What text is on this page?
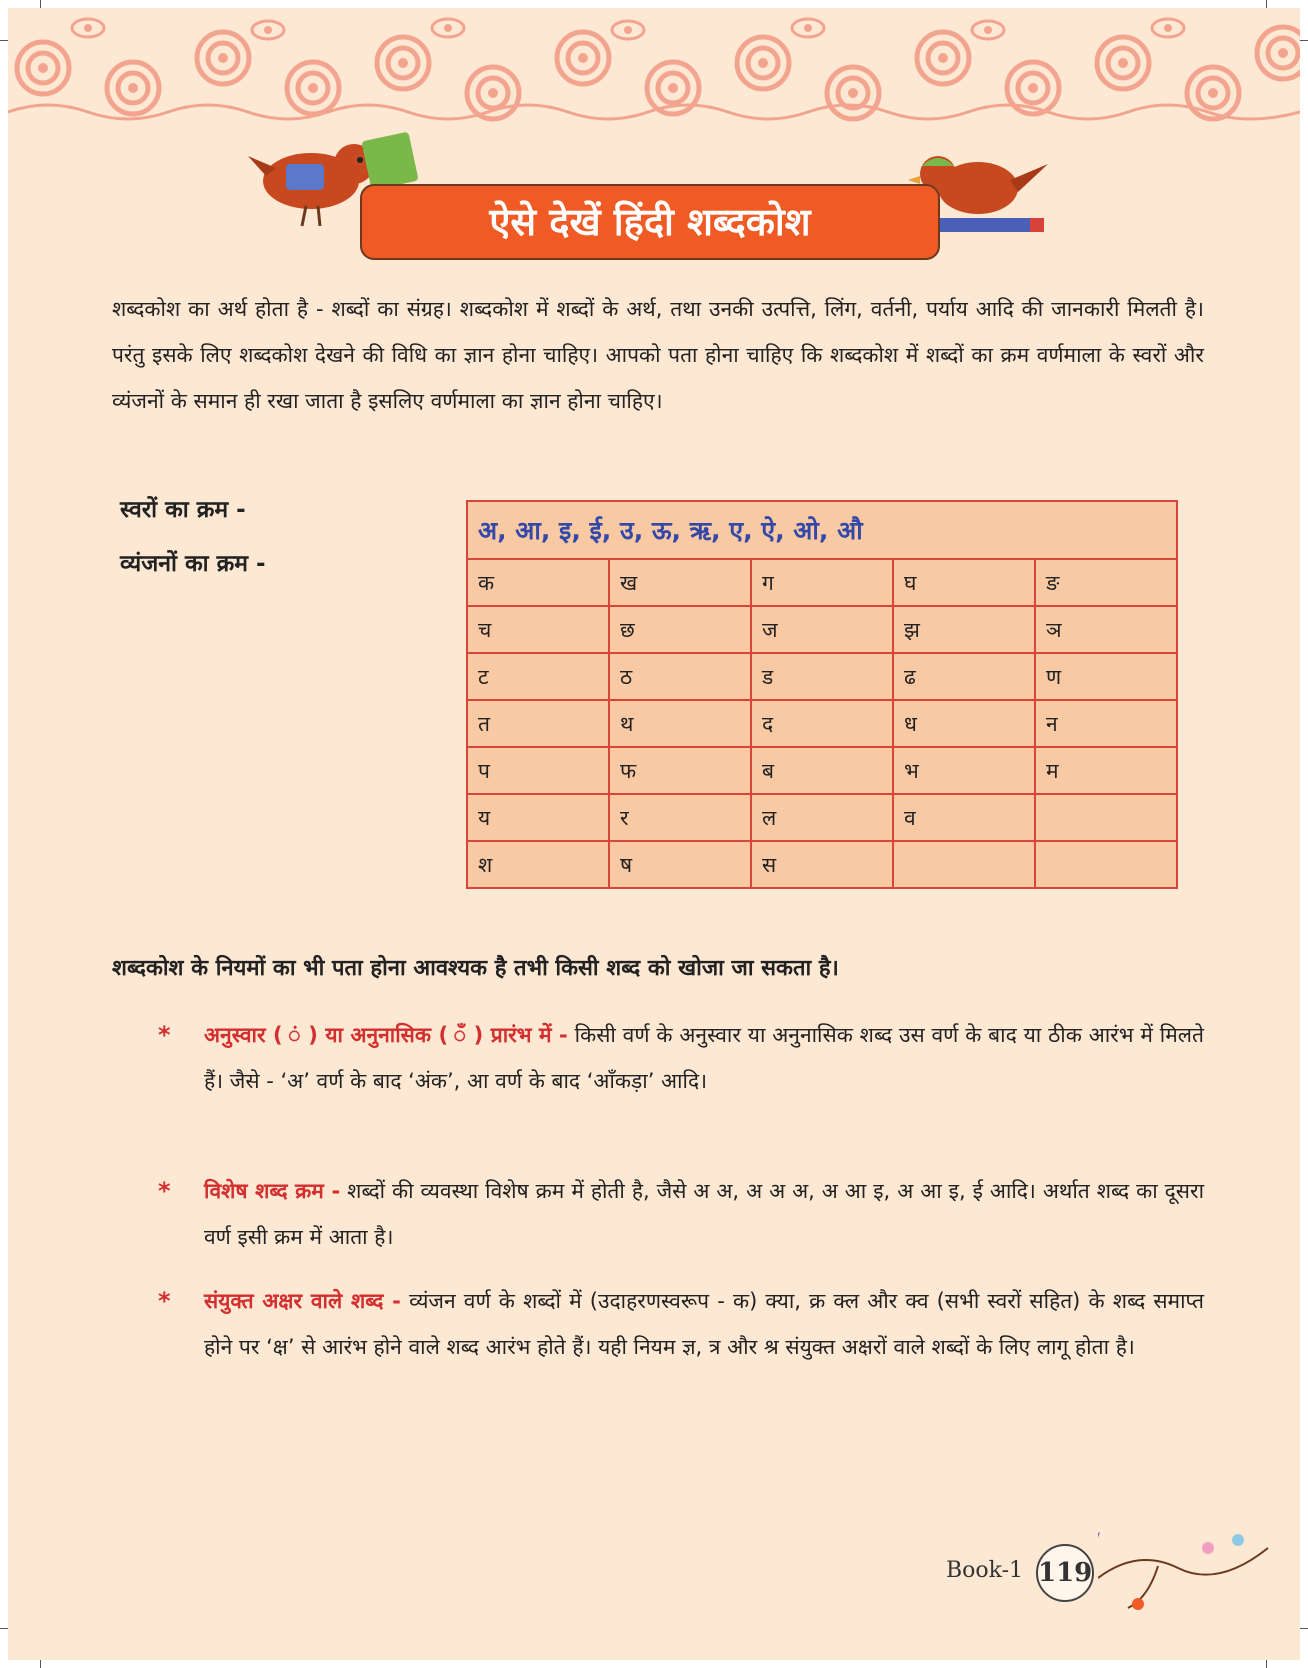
ऐसे देखें हिंदी शब्दकोश

शब्दकोश का अर्थ होता है - शब्दों का संग्रह। शब्दकोश में शब्दों के अर्थ, तथा उनकी उत्पत्ति, लिंग, वर्तनी, पर्याय आदि की जानकारी मिलती है। परंतु इसके लिए शब्दकोश देखने की विधि का ज्ञान होना चाहिए। आपको पता होना चाहिए कि शब्दकोश में शब्दों का क्रम वर्णमाला के स्वरों और व्यंजनों के समान ही रखा जाता है इसलिए वर्णमाला का ज्ञान होना चाहिए।

स्वरों का क्रम -
व्यंजनों का क्रम -
अ, आ, इ, ई, उ, ऊ, ऋ, ए, ऐ, ओ, औ				
क	ख	ग	घ	ङ
च	छ	ज	झ	ञ
ट	ठ	ड	ढ	ण
त	थ	द	ध	न
प	फ	ब	भ	म
य	र	ल	व	
श	ष	स		
शब्दकोश के नियमों का भी पता होना आवश्यक है तभी किसी शब्द को खोजा जा सकता है।
* अनुस्वार ( ं ) या अनुनासिक ( ँ ) प्रारंभ में - किसी वर्ण के अनुस्वार या अनुनासिक शब्द उस वर्ण के बाद या ठीक आरंभ में मिलते हैं। जैसे - ‘अ’ वर्ण के बाद ‘अंक’, आ वर्ण के बाद ‘आँकड़ा’ आदि।

* विशेष शब्द क्रम - शब्दों की व्यवस्था विशेष क्रम में होती है, जैसे अ अ, अ अ अ, अ आ इ, अ आ इ, ई आदि। अर्थात शब्द का दूसरा वर्ण इसी क्रम में आता है।

* संयुक्त अक्षर वाले शब्द - व्यंजन वर्ण के शब्दों में (उदाहरणस्वरूप - क) क्या, क्र क्ल और क्व (सभी स्वरों सहित) के शब्द समाप्त होने पर ‘क्ष’ से आरंभ होने वाले शब्द आरंभ होते हैं। यही नियम ज्ञ, त्र और श्र संयुक्त अक्षरों वाले शब्दों के लिए लागू होता है।

Book-1 119
